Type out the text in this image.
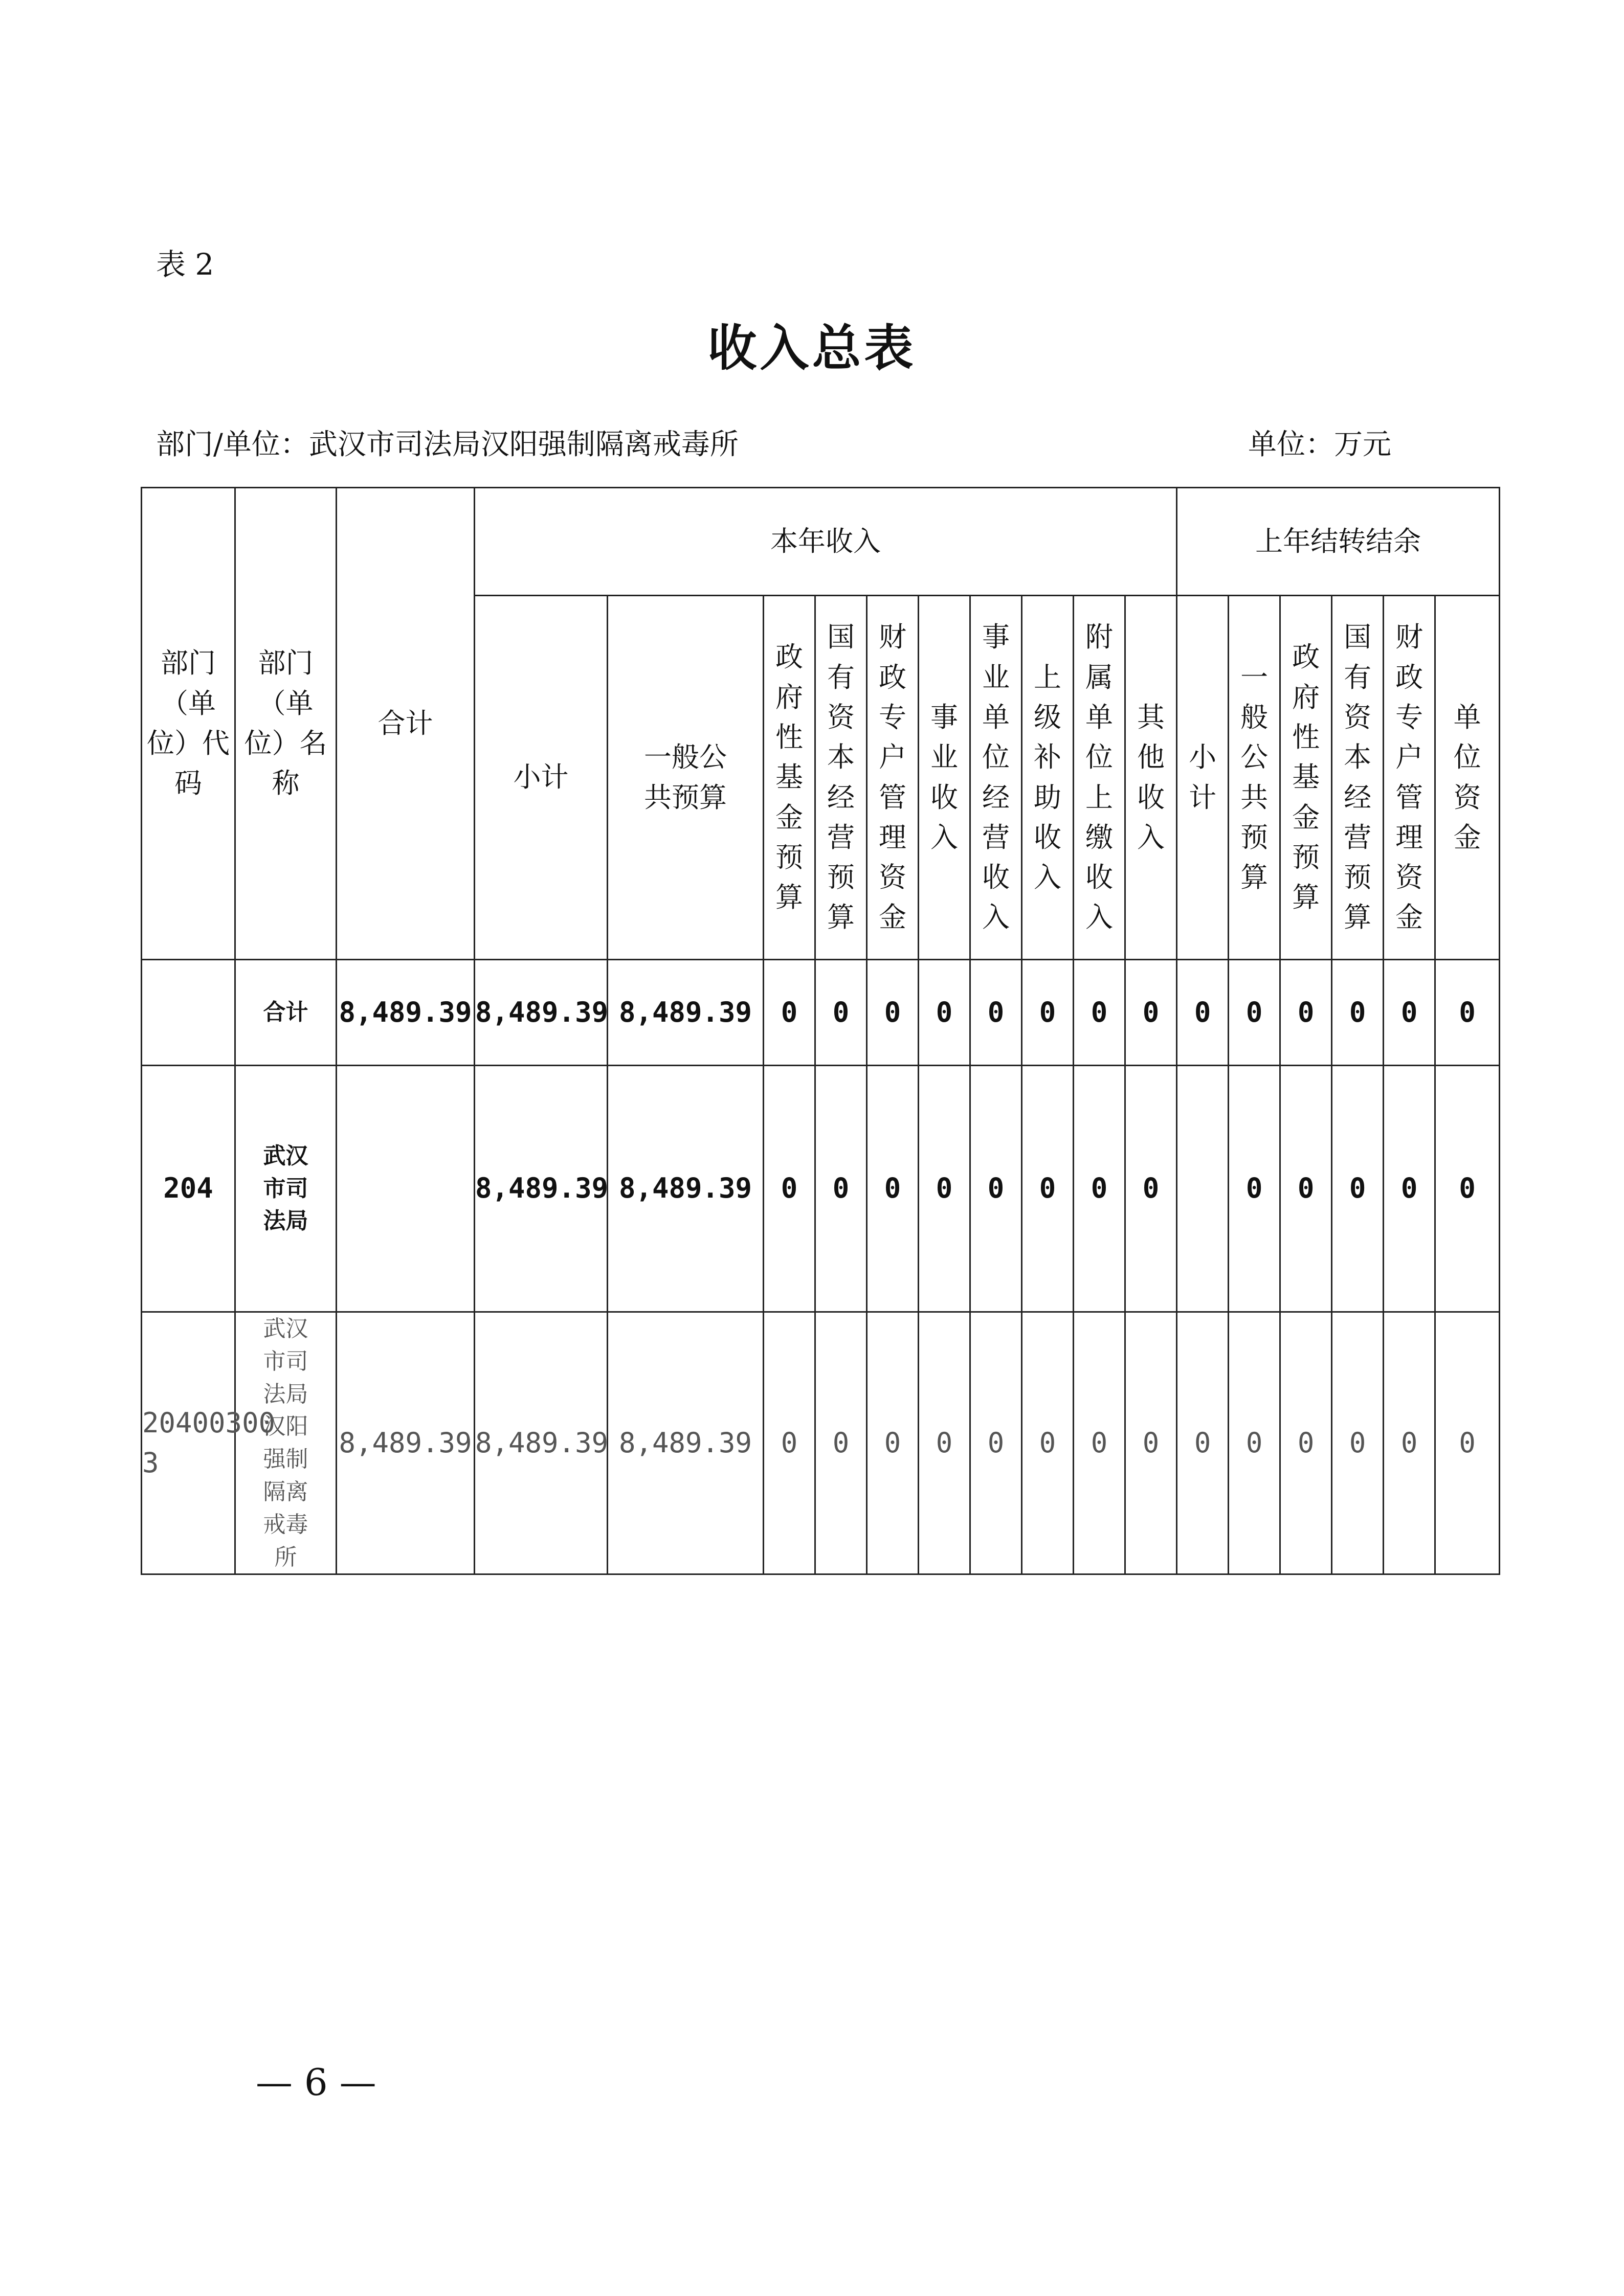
表 2
收入总表
部门/单位：武汉市司法局汉阳强制隔离戒毒所	单位：万元
部门（单位）代码	部门（单位）名称	合计	本年收入										上年结转结余					
			小计	一般公共预算	政府性基金预算	国有资本经营预算	财政专户管理资金	事业收入	事业单位经营收入	上级补助收入	附属单位上缴收入	其他收入	小计	一般公共预算	政府性基金预算	国有资本经营预算	财政专户管理资金	单位资金
	合计	8,489.39	8,489.39	8,489.39	0	0	0	0	0	0	0	0	0	0	0	0	0	0
204	武汉市司法局		8,489.39	8,489.39	0	0	0	0	0	0	0	0		0	0	0	0	0
204003003	武汉市司法局汉阳强制隔离戒毒所	8,489.39	8,489.39	8,489.39	0	0	0	0	0	0	0	0	0	0	0	0	0	0
— 6 —
